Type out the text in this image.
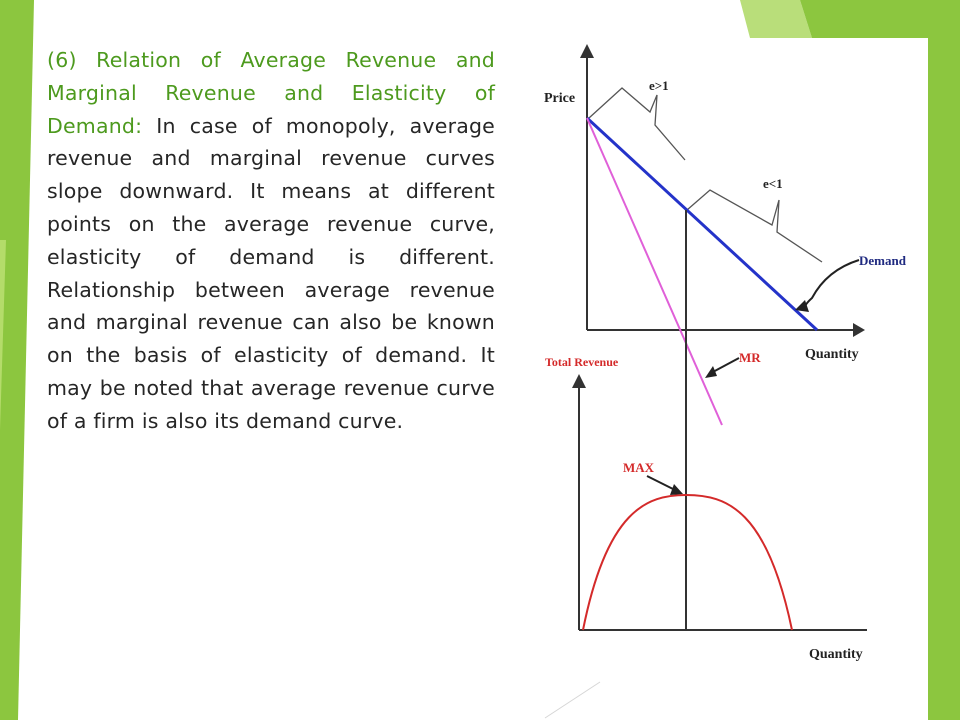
(6) Relation of Average Revenue and Marginal Revenue and Elasticity of Demand: In case of monopoly, average revenue and marginal revenue curves slope downward. It means at different points on the average revenue curve, elasticity of demand is different. Relationship between average revenue and marginal revenue can also be known on the basis of elasticity of demand. It may be noted that average revenue curve of a firm is also its demand curve.
Price
Quantity
e>1
e<1
Demand
Total Revenue	MR
Quantity
MAX
